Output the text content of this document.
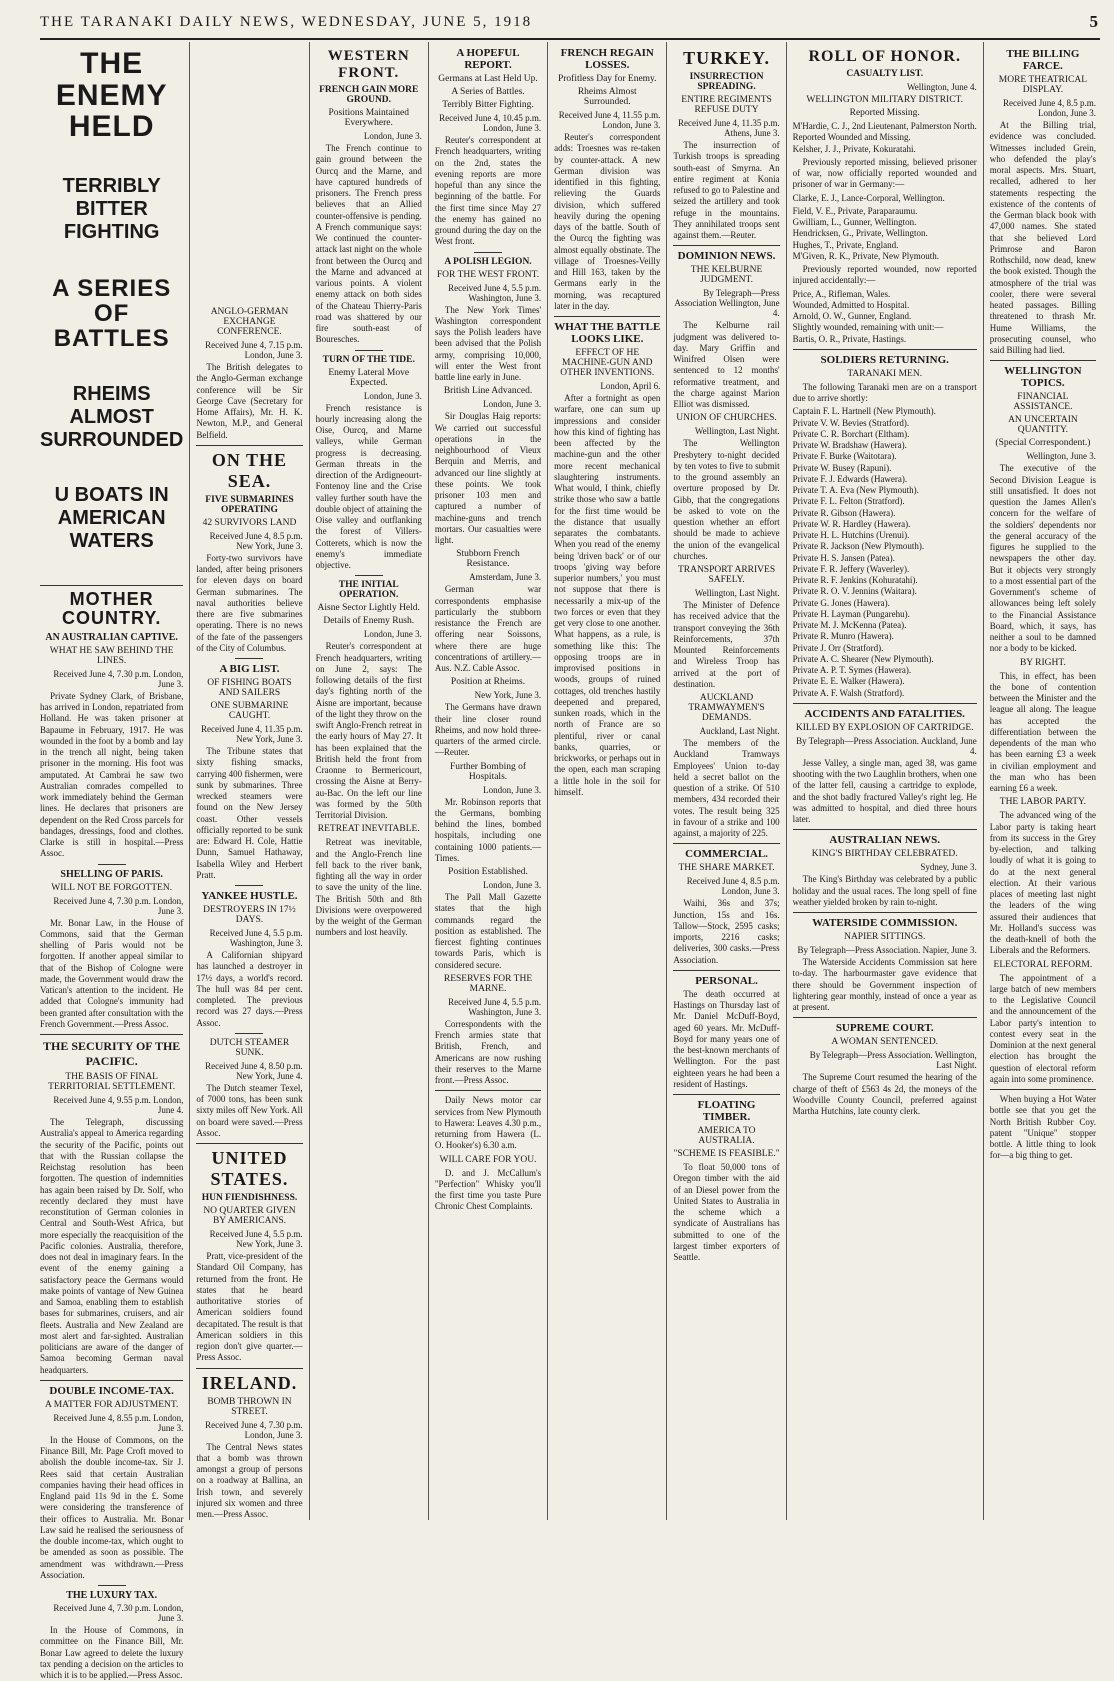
THE TARANAKI DAILY NEWS, WEDNESDAY, JUNE 5, 1918	5
THE ENEMY HELD
TERRIBLY BITTER FIGHTING
A SERIES OF BATTLES
RHEIMS ALMOST SURROUNDED
U BOATS IN AMERICAN WATERS
MOTHER COUNTRY.
AN AUSTRALIAN CAPTIVE.
WHAT HE SAW BEHIND THE LINES.
Received June 4, 7.30 p.m. London, June 3.

Private Sydney Clark, of Brisbane, has arrived in London, repatriated from Holland. He was taken prisoner at Bapaume in February, 1917. He was wounded in the foot by a bomb and lay in the trench all night, being taken prisoner in the morning. His foot was amputated. At Cambrai he saw two Australian comrades compelled to work immediately behind the German lines. He declares that prisoners are dependent on the Red Cross parcels for bandages, dressings, food and clothes. Clarke is still in hospital.—Press Assoc.

SHELLING OF PARIS.
WILL NOT BE FORGOTTEN.
Received June 4, 7.30 p.m. London, June 3.

Mr. Bonar Law, in the House of Commons, said that the German shelling of Paris would not be forgotten. If another appeal similar to that of the Bishop of Cologne were made, the Government would draw the Vatican's attention to the incident. He added that Cologne's immunity had been granted after consultation with the French Government.—Press Assoc.

THE SECURITY OF THE PACIFIC.
THE BASIS OF FINAL TERRITORIAL SETTLEMENT.
Received June 4, 9.55 p.m. London, June 4.

The Telegraph, discussing Australia's appeal to America regarding the security of the Pacific, points out that with the Russian collapse the Reichstag resolution has been forgotten. The question of indemnities has again been raised by Dr. Solf, who recently declared they must have reconstitution of German colonies in Central and South-West Africa, but more especially the reacquisition of the Pacific colonies. Australia, therefore, does not deal in imaginary fears. In the event of the enemy gaining a satisfactory peace the Germans would make points of vantage of New Guinea and Samoa, enabling them to establish bases for submarines, cruisers, and air fleets. Australia and New Zealand are most alert and far-sighted. Australian politicians are aware of the danger of Samoa becoming German naval headquarters.

DOUBLE INCOME-TAX.
A MATTER FOR ADJUSTMENT.
Received June 4, 8.55 p.m. London, June 3.

In the House of Commons, on the Finance Bill, Mr. Page Croft moved to abolish the double income-tax. Sir J. Rees said that certain Australian companies having their head offices in England paid 11s 9d in the £. Some were considering the transference of their offices to Australia. Mr. Bonar Law said he realised the seriousness of the double income-tax, which ought to be amended as soon as possible. The amendment was withdrawn.—Press Association.

THE LUXURY TAX.
Received June 4, 7.30 p.m. London, June 3.

In the House of Commons, in committee on the Finance Bill, Mr. Bonar Law agreed to delete the luxury tax pending a decision on the articles to which it is to be applied.—Press Assoc.

ANGLO-GERMAN EXCHANGE CONFERENCE.
Received June 4, 7.15 p.m. London, June 3.

The British delegates to the Anglo-German exchange conference will be Sir George Cave (Secretary for Home Affairs), Mr. H. K. Newton, M.P., and General Belfield.

ON THE SEA.
FIVE SUBMARINES OPERATING
42 SURVIVORS LAND
Received June 4, 8.5 p.m. New York, June 3.

Forty-two survivors have landed, after being prisoners for eleven days on board German submarines. The naval authorities believe there are five submarines operating. There is no news of the fate of the passengers of the City of Columbus.

A BIG LIST.
OF FISHING BOATS AND SAILERS
ONE SUBMARINE CAUGHT.
Received June 4, 11.35 p.m. New York, June 3.

The Tribune states that sixty fishing smacks, carrying 400 fishermen, were sunk by submarines. Three wrecked steamers were found on the New Jersey coast. Other vessels officially reported to be sunk are: Edward H. Cole, Hattie Dunn, Samuel Hathaway, Isabella Wiley and Herbert Pratt.

YANKEE HUSTLE.
DESTROYERS IN 17½ DAYS.
Received June 4, 5.5 p.m. Washington, June 3.

A Californian shipyard has launched a destroyer in 17½ days, a world's record. The hull was 84 per cent. completed. The previous record was 27 days.—Press Assoc.

DUTCH STEAMER SUNK.
Received June 4, 8.50 p.m. New York, June 4.

The Dutch steamer Texel, of 7000 tons, has been sunk sixty miles off New York. All on board were saved.—Press Assoc.

UNITED STATES.
HUN FIENDISHNESS.
NO QUARTER GIVEN BY AMERICANS.
Received June 4, 5.5 p.m. New York, June 3.

Pratt, vice-president of the Standard Oil Company, has returned from the front. He states that he heard authoritative stories of American soldiers found decapitated. The result is that American soldiers in this region don't give quarter.—Press Assoc.

IRELAND.
BOMB THROWN IN STREET.
Received June 4, 7.30 p.m. London, June 3.

The Central News states that a bomb was thrown amongst a group of persons on a roadway at Ballina, an Irish town, and severely injured six women and three men.—Press Assoc.

WESTERN FRONT.
FRENCH GAIN MORE GROUND.
Positions Maintained Everywhere.
London, June 3.

The French continue to gain ground between the Ourcq and the Marne, and have captured hundreds of prisoners. The French press believes that an Allied counter-offensive is pending. A French communique says: We continued the counter-attack last night on the whole front between the Ourcq and the Marne and advanced at various points. A violent enemy attack on both sides of the Chateau Thierry-Paris road was shattered by our fire south-east of Bouresches.

TURN OF THE TIDE.
Enemy Lateral Move Expected.
London, June 3.

French resistance is hourly increasing along the Oise, Ourcq, and Marne valleys, while German progress is decreasing. German threats in the direction of the Ardigneourt-Fontenoy line and the Crise valley further south have the double object of attaining the Oise valley and outflanking the forest of Villers-Cotterets, which is now the enemy's immediate objective.

THE INITIAL OPERATION.
Aisne Sector Lightly Held.
Details of Enemy Rush.
London, June 3.

Reuter's correspondent at French headquarters, writing on June 2, says: The following details of the first day's fighting north of the Aisne are important, because of the light they throw on the swift Anglo-French retreat in the early hours of May 27. It has been explained that the British held the front from Craonne to Bermericourt, crossing the Aisne at Berry-au-Bac. On the left our line was formed by the 50th Territorial Division.

RETREAT INEVITABLE.

Retreat was inevitable, and the Anglo-French line fell back to the river bank, fighting all the way in order to save the unity of the line. The British 50th and 8th Divisions were overpowered by the weight of the German numbers and lost heavily.

A HOPEFUL REPORT.
Germans at Last Held Up.
A Series of Battles.
Terribly Bitter Fighting.
Received June 4, 10.45 p.m. London, June 3.

Reuter's correspondent at French headquarters, writing on the 2nd, states the evening reports are more hopeful than any since the beginning of the battle. For the first time since May 27 the enemy has gained no ground during the day on the West front.

A POLISH LEGION.
FOR THE WEST FRONT.
Received June 4, 5.5 p.m. Washington, June 3.

The New York Times' Washington correspondent says the Polish leaders have been advised that the Polish army, comprising 10,000, will enter the West front battle line early in June.

British Line Advanced.
London, June 3.

Sir Douglas Haig reports: We carried out successful operations in the neighbourhood of Vieux Berquin and Merris, and advanced our line slightly at these points. We took prisoner 103 men and captured a number of machine-guns and trench mortars. Our casualties were light.

Stubborn French Resistance.
Amsterdam, June 3.

German war correspondents emphasise particularly the stubborn resistance the French are offering near Soissons, where there are huge concentrations of artillery.—Aus. N.Z. Cable Assoc.

Position at Rheims.
New York, June 3.

The Germans have drawn their line closer round Rheims, and now hold three-quarters of the armed circle.—Reuter.

Further Bombing of Hospitals.
London, June 3.

Mr. Robinson reports that the Germans, bombing behind the lines, bombed hospitals, including one containing 1000 patients.—Times.

Position Established.
London, June 3.

The Pall Mall Gazette states that the high commands regard the position as established. The fiercest fighting continues towards Paris, which is considered secure.

RESERVES FOR THE MARNE.
Received June 4, 5.5 p.m. Washington, June 3.

Correspondents with the French armies state that British, French, and Americans are now rushing their reserves to the Marne front.—Press Assoc.

Daily News motor car services from New Plymouth to Hawera: Leaves 4.30 p.m., returning from Hawera (L. O. Hooker's) 6.30 a.m.

WILL CARE FOR YOU.

D. and J. McCallum's "Perfection" Whisky you'll the first time you taste Pure Chronic Chest Complaints.

FRENCH REGAIN LOSSES.
Profitless Day for Enemy.
Rheims Almost Surrounded.
Received June 4, 11.55 p.m. London, June 3.

Reuter's correspondent adds: Troesnes was re-taken by counter-attack. A new German division was identified in this fighting, relieving the Guards division, which suffered heavily during the opening days of the battle. South of the Ourcq the fighting was almost equally obstinate. The village of Troesnes-Veilly and Hill 163, taken by the Germans early in the morning, was recaptured later in the day.

WHAT THE BATTLE LOOKS LIKE.
EFFECT OF HE MACHINE-GUN AND OTHER INVENTIONS.
London, April 6.

After a fortnight as open warfare, one can sum up impressions and consider how this kind of fighting has been affected by the machine-gun and the other more recent mechanical slaughtering instruments. What would, I think, chiefly strike those who saw a battle for the first time would be the distance that usually separates the combatants. When you read of the enemy being 'driven back' or of our troops 'giving way before superior numbers,' you must not suppose that there is necessarily a mix-up of the two forces or even that they get very close to one another. What happens, as a rule, is something like this: The opposing troops are in improvised positions in woods, groups of ruined cottages, old trenches hastily deepened and prepared, sunken roads, which in the north of France are so plentiful, river or canal banks, quarries, or brickworks, or perhaps out in the open, each man scraping a little hole in the soil for himself.

TURKEY.
INSURRECTION SPREADING.
ENTIRE REGIMENTS REFUSE DUTY
Received June 4, 11.35 p.m. Athens, June 3.

The insurrection of Turkish troops is spreading south-east of Smyrna. An entire regiment at Konia refused to go to Palestine and seized the artillery and took refuge in the mountains. They annihilated troops sent against them.—Reuter.

DOMINION NEWS.
THE KELBURNE JUDGMENT.
By Telegraph—Press Association Wellington, June 4.

The Kelburne rail judgment was delivered to-day. Mary Griffin and Winifred Olsen were sentenced to 12 months' reformative treatment, and the charge against Marion Elliot was dismissed.

UNION OF CHURCHES.
Wellington, Last Night.

The Wellington Presbytery to-night decided by ten votes to five to submit to the ground assembly an overture proposed by Dr. Gibb, that the congregations be asked to vote on the question whether an effort should be made to achieve the union of the evangelical churches.

TRANSPORT ARRIVES SAFELY.
Wellington, Last Night.

The Minister of Defence has received advice that the transport conveying the 36th Reinforcements, 37th Mounted Reinforcements and Wireless Troop has arrived at the port of destination.

AUCKLAND TRAMWAYMEN'S DEMANDS.
Auckland, Last Night.

The members of the Auckland Tramways Employees' Union to-day held a secret ballot on the question of a strike. Of 510 members, 434 recorded their votes. The result being 325 in favour of a strike and 100 against, a majority of 225.

COMMERCIAL.
THE SHARE MARKET.
Received June 4, 8.5 p.m. London, June 3.

Waihi, 36s and 37s; Junction, 15s and 16s. Tallow—Stock, 2595 casks; imports, 2216 casks; deliveries, 300 casks.—Press Association.

PERSONAL.

The death occurred at Hastings on Thursday last of Mr. Daniel McDuff-Boyd, aged 60 years. Mr. McDuff-Boyd for many years one of the best-known merchants of Wellington. For the past eighteen years he had been a resident of Hastings.

FLOATING TIMBER.
AMERICA TO AUSTRALIA.
"SCHEME IS FEASIBLE."

To float 50,000 tons of Oregon timber with the aid of an Diesel power from the United States to Australia in the scheme which a syndicate of Australians has submitted to one of the largest timber exporters of Seattle.

ROLL OF HONOR.
CASUALTY LIST.
Wellington, June 4.
WELLINGTON MILITARY DISTRICT.
Reported Missing.
M'Hardie, C. J., 2nd Lieutenant, Palmerston North.
Reported Wounded and Missing.
Kelsher, J. J., Private, Kokuratahi.

Previously reported missing, believed prisoner of war, now officially reported wounded and prisoner of war in Germany:—

Clarke, E. J., Lance-Corporal, Wellington.
Field, V. E., Private, Paraparaumu.
Gwilliam, L., Gunner, Wellington.
Hendricksen, G., Private, Wellington.
Hughes, T., Private, England.
M'Given, R. K., Private, New Plymouth.

Previously reported wounded, now reported injured accidentally:—

Price, A., Rifleman, Wales.
Wounded, Admitted to Hospital.
Arnold, O. W., Gunner, England.
Slightly wounded, remaining with unit:—
Bartis, O. R., Private, Hastings.
SOLDIERS RETURNING.
TARANAKI MEN.

The following Taranaki men are on a transport due to arrive shortly:

Captain F. L. Hartnell (New Plymouth).
Private V. W. Bevies (Stratford).
Private C. R. Borchart (Eltham).
Private W. Bradshaw (Hawera).
Private F. Burke (Waitotara).
Private W. Busey (Rapuni).
Private F. J. Edwards (Hawera).
Private T. A. Eva (New Plymouth).
Private F. L. Felton (Stratford).
Private R. Gibson (Hawera).
Private W. R. Hardley (Hawera).
Private H. L. Hutchins (Urenui).
Private R. Jackson (New Plymouth).
Private H. S. Jansen (Patea).
Private F. R. Jeffery (Waverley).
Private R. F. Jenkins (Kohuratahi).
Private R. O. V. Jennins (Waitara).
Private G. Jones (Hawera).
Private H. Layman (Pungarehu).
Private M. J. McKenna (Patea).
Private R. Munro (Hawera).
Private J. Orr (Stratford).
Private A. C. Shearer (New Plymouth).
Private A. P. T. Symes (Hawera).
Private E. E. Walker (Hawera).
Private A. F. Walsh (Stratford).
ACCIDENTS AND FATALITIES.
KILLED BY EXPLOSION OF CARTRIDGE.
By Telegraph—Press Association. Auckland, June 4.

Jesse Valley, a single man, aged 38, was game shooting with the two Laughlin brothers, when one of the latter fell, causing a cartridge to explode, and the shot badly fractured Valley's right leg. He was admitted to hospital, and died three hours later.

AUSTRALIAN NEWS.
KING'S BIRTHDAY CELEBRATED.
Sydney, June 3.

The King's Birthday was celebrated by a public holiday and the usual races. The long spell of fine weather yielded broken by rain to-night.

WATERSIDE COMMISSION.
NAPIER SITTINGS.
By Telegraph—Press Association. Napier, June 3.

The Waterside Accidents Commission sat here to-day. The harbourmaster gave evidence that there should be Government inspection of lightering gear monthly, instead of once a year as at present.

SUPREME COURT.
A WOMAN SENTENCED.
By Telegraph—Press Association. Wellington, Last Night.

The Supreme Court resumed the hearing of the charge of theft of £563 4s 2d, the moneys of the Woodville County Council, preferred against Martha Hutchins, late county clerk.

THE BILLING FARCE.
MORE THEATRICAL DISPLAY.
Received June 4, 8.5 p.m. London, June 3.

At the Billing trial, evidence was concluded. Witnesses included Grein, who defended the play's moral aspects. Mrs. Stuart, recalled, adhered to her statements respecting the existence of the contents of the German black book with 47,000 names. She stated that she believed Lord Primrose and Baron Rothschild, now dead, knew the book existed. Though the atmosphere of the trial was cooler, there were several heated passages. Billing threatened to thrash Mr. Hume Williams, the prosecuting counsel, who said Billing had lied.

WELLINGTON TOPICS.
FINANCIAL ASSISTANCE.
AN UNCERTAIN QUANTITY.
(Special Correspondent.)
Wellington, June 3.

The executive of the Second Division League is still unsatisfied. It does not question the James Allen's concern for the welfare of the soldiers' dependents nor the general accuracy of the figures he supplied to the newspapers the other day. But it objects very strongly to a most essential part of the Government's scheme of allowances being left solely to the Financial Assistance Board, which, it says, has neither a soul to be damned nor a body to be kicked.

BY RIGHT.

This, in effect, has been the bone of contention between the Minister and the league all along. The league has accepted the differentiation between the dependents of the man who has been earning £3 a week in civilian employment and the man who has been earning £6 a week.

THE LABOR PARTY.

The advanced wing of the Labor party is taking heart from its success in the Grey by-election, and talking loudly of what it is going to do at the next general election. At their various places of meeting last night the leaders of the wing assured their audiences that Mr. Holland's success was the death-knell of both the Liberals and the Reformers.

ELECTORAL REFORM.

The appointment of a large batch of new members to the Legislative Council and the announcement of the Labor party's intention to contest every seat in the Dominion at the next general election has brought the question of electoral reform again into some prominence.

When buying a Hot Water bottle see that you get the North British Rubber Coy. patent "Unique" stopper bottle. A little thing to look for—a big thing to get.
